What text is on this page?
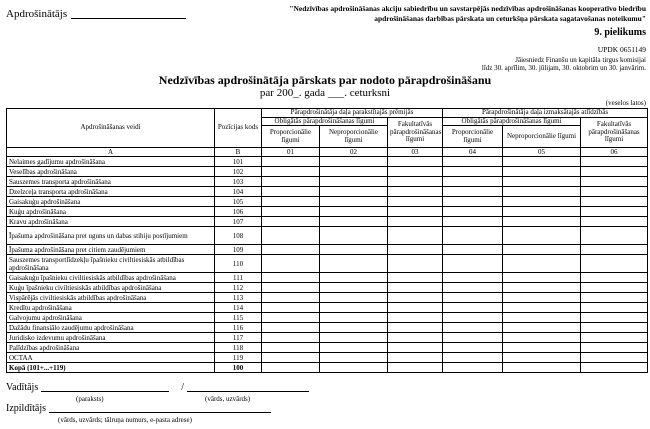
Apdrošinātājs	"Nedzīvības apdrošināšanas akciju sabiedrību un savstarpējās nedzīvības apdrošināšanas kooperatīvo biedrību
apdrošināšanas darbības pārskata un ceturkšņa pārskata sagatavošanas noteikumu"
9. pielikums
UPDK 0651149
Jāiesniedz Finanšu un kapitāla tirgus komisijai
līdz 30. aprīlim, 30. jūlijam, 30. oktobrim un 30. janvārim.
Nedzīvības apdrošinātāja pārskats par nodoto pārapdrošināšanu
par 200_. gada ___. ceturksni
(veselos latos)
Apdrošināšanas veidi	Pozīcijas kods	Pārapdrošinātāja daļa parakstītajās prēmijās			Pārapdrošinātāja daļa izmaksātajās atlīdzībās		
		Obligātās pārapdrošināšanas līgumi		Fakultatīvās pārapdrošināšanas līgumi	Obligātās pārapdrošināšanas līgumi		Fakultatīvās pārapdrošināšanas līgumi
		Proporcionālie līgumi	Neproporcionālie līgumi		Proporcionālie līgumi	Neproporcionālie līgumi	
A	B	01	02	03	04	05	06
Nelaimes gadījumu apdrošināšana	101						
Veselības apdrošināšana	102						
Sauszemes transporta apdrošināšana	103						
Dzelzceļa transporta apdrošināšana	104						
Gaisakuģu apdrošināšana	105						
Kuģu apdrošināšana	106						
Kravu apdrošināšana	107						
Īpašuma apdrošināšana pret uguns un dabas stihiju postījumiem	108						
Īpašuma apdrošināšana pret citiem zaudējumiem	109						
Sauszemes transportlīdzekļu īpašnieku civiltiesiskās atbildības apdrošināšana	110						
Gaisakuģu īpašnieku civiltiesiskās atbildības apdrošināšana	111						
Kuģu īpašnieku civiltiesiskās atbildības apdrošināšana	112						
Vispārējās civiltiesiskās atbildības apdrošināšana	113						
Kredītu apdrošināšana	114						
Galvojumu apdrošināšana	115						
Dažādu finansiālo zaudējumu apdrošināšana	116						
Juridisko izdevumu apdrošināšana	117						
Palīdzības apdrošināšana	118						
OCTAA	119						
Kopā (101+...+119)	100						
Vadītājs	/
(paraksts)	(vārds, uzvārds)
Izpildītājs
(vārds, uzvārds; tālruņa numurs, e-pasta adrese)
